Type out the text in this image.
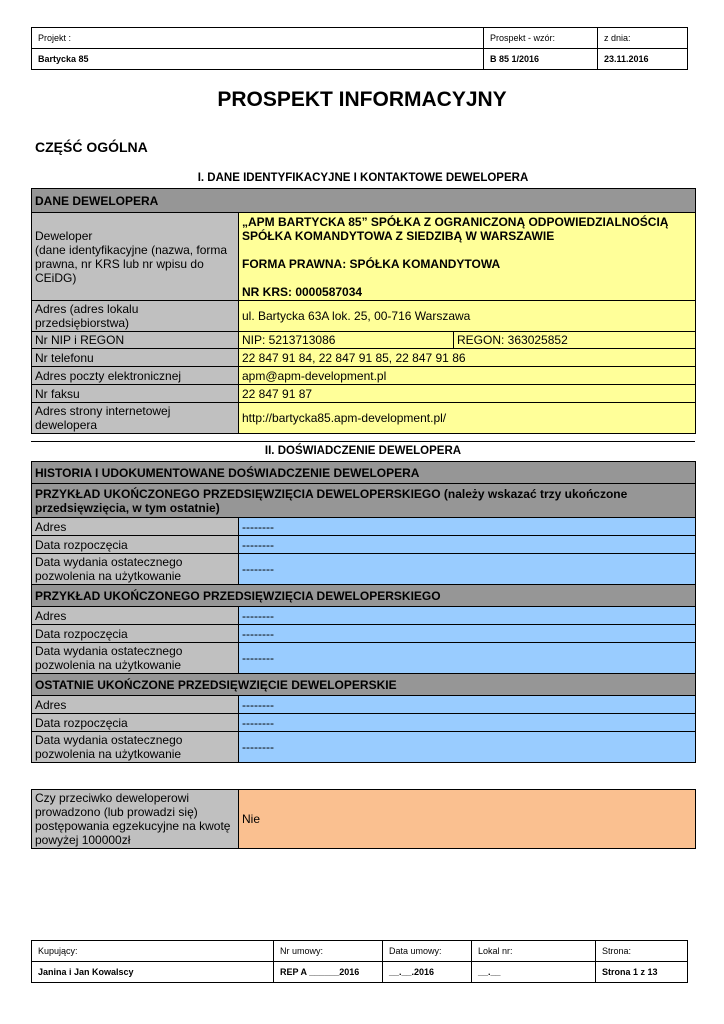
Projekt :	Prospekt - wzór:	z dnia:
Bartycka 85	B 85 1/2016	23.11.2016
PROSPEKT INFORMACYJNY
CZĘŚĆ OGÓLNA
I. DANE IDENTYFIKACYJNE I KONTAKTOWE DEWELOPERA
DANE DEWELOPERA		
Deweloper
(dane identyfikacyjne (nazwa, forma prawna, nr KRS lub nr wpisu do CEiDG)	„APM BARTYCKA 85” SPÓŁKA Z OGRANICZONĄ ODPOWIEDZIALNOŚCIĄ SPÓŁKA KOMANDYTOWA Z SIEDZIBĄ W WARSZAWIE
FORMA PRAWNA: SPÓŁKA KOMANDYTOWA
NR KRS: 0000587034	

Adres (adres lokalu przedsiębiorstwa)	ul. Bartycka 63A lok. 25, 00-716 Warszawa	
Nr NIP i REGON	NIP: 5213713086	REGON: 363025852
Nr telefonu	22 847 91 84, 22 847 91 85, 22 847 91 86	
Adres poczty elektronicznej	apm@apm-development.pl	
Nr faksu	22 847 91 87	
Adres strony internetowej dewelopera	http://bartycka85.apm-development.pl/	
II. DOŚWIADCZENIE DEWELOPERA
HISTORIA I UDOKUMENTOWANE DOŚWIADCZENIE DEWELOPERA	
PRZYKŁAD UKOŃCZONEGO PRZEDSIĘWZIĘCIA DEWELOPERSKIEGO (należy wskazać trzy ukończone przedsięwzięcia, w tym ostatnie)	
Adres	--------
Data rozpoczęcia	--------
Data wydania ostatecznego pozwolenia na użytkowanie	--------
PRZYKŁAD UKOŃCZONEGO PRZEDSIĘWZIĘCIA DEWELOPERSKIEGO	
Adres	--------
Data rozpoczęcia	--------
Data wydania ostatecznego pozwolenia na użytkowanie	--------
OSTATNIE UKOŃCZONE PRZEDSIĘWZIĘCIE DEWELOPERSKIE	
Adres	--------
Data rozpoczęcia	--------
Data wydania ostatecznego pozwolenia na użytkowanie	--------
Czy przeciwko deweloperowi prowadzono (lub prowadzi się) postępowania egzekucyjne na kwotę powyżej 100000zł	Nie
Kupujący:	Nr umowy:	Data umowy:	Lokal nr:	Strona:
Janina i Jan Kowalscy	REP A ______2016	__.__.2016	__.__	Strona 1 z 13
